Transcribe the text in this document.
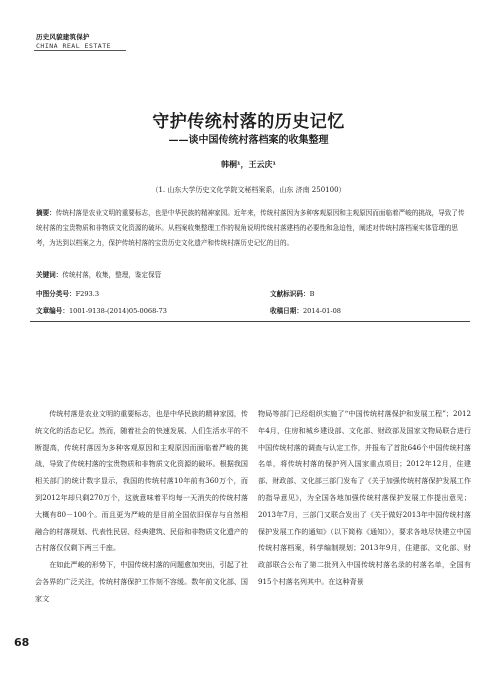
历史风貌建筑保护
CHINA REAL ESTATE
守护传统村落的历史记忆
——谈中国传统村落档案的收集整理
韩桐¹，王云庆¹
（1. 山东大学历史文化学院文秘档案系，山东 济南 250100）
摘要：传统村落是农业文明的重要标志，也是中华民族的精神家园。近年来，传统村落因为多种客观原因和主观原因而面临着严峻的挑战，导致了传统村落的宝贵物质和非物质文化资源的破坏。从档案收集整理工作的视角说明传统村落建档的必要性和急迫性，阐述对传统村落档案实体管理的思考，为达到以档案之力，保护传统村落的宝贵历史文化遗产和传统村落历史记忆的目的。
关键词：传统村落，收集，整理，鉴定保管
中图分类号：F293.3	文献标识码：B
文章编号：1001-9138-(2014)05-0068-73	收稿日期：2014-01-08

传统村落是农业文明的重要标志，也是中华民族的精神家园，传统文化的活态记忆。然而，随着社会的快速发展、人们生活水平的不断提高，传统村落因为多种客观原因和主观原因而面临着严峻的挑战，导致了传统村落的宝贵物质和非物质文化资源的破坏。根据我国相关部门的统计数字显示，我国的传统村落10年前有360万个，而到2012年却只剩270万个，这就意味着平均每一天消失的传统村落大概有80－100个。而且更为严峻的是目前全国依旧保存与自然相融合的村落规划、代表性民居、经典建筑、民俗和非物质文化遗产的古村落仅仅剩下两三千座。

在如此严峻的形势下，中国传统村落的问题愈加突出，引起了社会各界的广泛关注，传统村落保护工作刻不容缓。数年前文化部、国家文

物局等部门已经组织实施了“中国传统村落保护和发展工程”；2012年4月，住房和城乡建设部、文化部、财政部及国家文物局联合进行中国传统村落的调查与认定工作，并报布了首批646个中国传统村落名单，将传统村落的保护列入国家重点项目；2012年12月，住建部、财政部、文化部三部门发布了《关于加强传统村落保护发展工作的指导意见》，为全国各地加强传统村落保护发展工作提出意见；2013年7月，三部门又联合发出了《关于做好2013年中国传统村落保护发展工作的通知》（以下简称《通知》），要求各地尽快建立中国传统村落档案，科学编制规划；2013年9月，住建部、文化部、财政部联合公布了第二批列入中国传统村落名录的村落名单，全国有915个村落名列其中。在这种背景

68
